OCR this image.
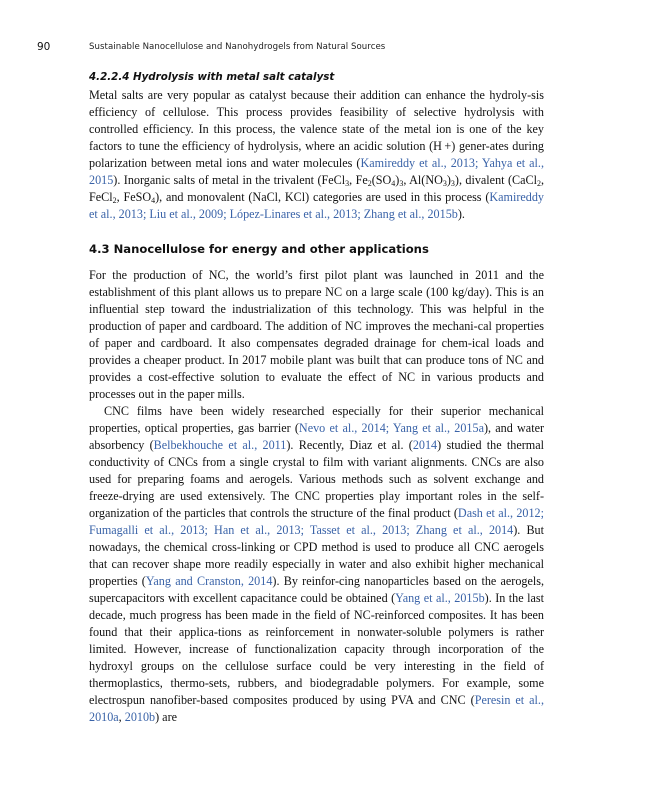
90	Sustainable Nanocellulose and Nanohydrogels from Natural Sources
4.2.2.4 Hydrolysis with metal salt catalyst

Metal salts are very popular as catalyst because their addition can enhance the hydroly-sis efficiency of cellulose. This process provides feasibility of selective hydrolysis with controlled efficiency. In this process, the valence state of the metal ion is one of the key factors to tune the efficiency of hydrolysis, where an acidic solution (H +) gener-ates during polarization between metal ions and water molecules (Kamireddy et al., 2013; Yahya et al., 2015). Inorganic salts of metal in the trivalent (FeCl$_3$, $Fe_2(SO_4)_3$, $Al(NO_3)_3$), divalent (CaCl$_2$, FeCl$_2$, FeSO$_4$), and monovalent (NaCl, KCl) categories are used in this process (Kamireddy et al., 2013; Liu et al., 2009; López-Linares et al., 2013; Zhang et al., 2015b).

4.3 Nanocellulose for energy and other applications

For the production of NC, the world’s first pilot plant was launched in 2011 and the establishment of this plant allows us to prepare NC on a large scale (100 kg/day). This is an influential step toward the industrialization of this technology. This was helpful in the production of paper and cardboard. The addition of NC improves the mechani-cal properties of paper and cardboard. It also compensates degraded drainage for chem-ical loads and provides a cheaper product. In 2017 mobile plant was built that can produce tons of NC and provides a cost-effective solution to evaluate the effect of NC in various products and processes out in the paper mills.

CNC films have been widely researched especially for their superior mechanical properties, optical properties, gas barrier (Nevo et al., 2014; Yang et al., 2015a), and water absorbency (Belbekhouche et al., 2011). Recently, Diaz et al. (2014) studied the thermal conductivity of CNCs from a single crystal to film with variant alignments. CNCs are also used for preparing foams and aerogels. Various methods such as solvent exchange and freeze-drying are used extensively. The CNC properties play important roles in the self-organization of the particles that controls the structure of the final product (Dash et al., 2012; Fumagalli et al., 2013; Han et al., 2013; Tasset et al., 2013; Zhang et al., 2014). But nowadays, the chemical cross-linking or CPD method is used to produce all CNC aerogels that can recover shape more readily especially in water and also exhibit higher mechanical properties (Yang and Cranston, 2014). By reinfor-cing nanoparticles based on the aerogels, supercapacitors with excellent capacitance could be obtained (Yang et al., 2015b). In the last decade, much progress has been made in the field of NC-reinforced composites. It has been found that their applica-tions as reinforcement in nonwater-soluble polymers is rather limited. However, increase of functionalization capacity through incorporation of the hydroxyl groups on the cellulose surface could be very interesting in the field of thermoplastics, thermo-sets, rubbers, and biodegradable polymers. For example, some electrospun nanofiber-based composites produced by using PVA and CNC (Peresin et al., 2010a, 2010b) are
